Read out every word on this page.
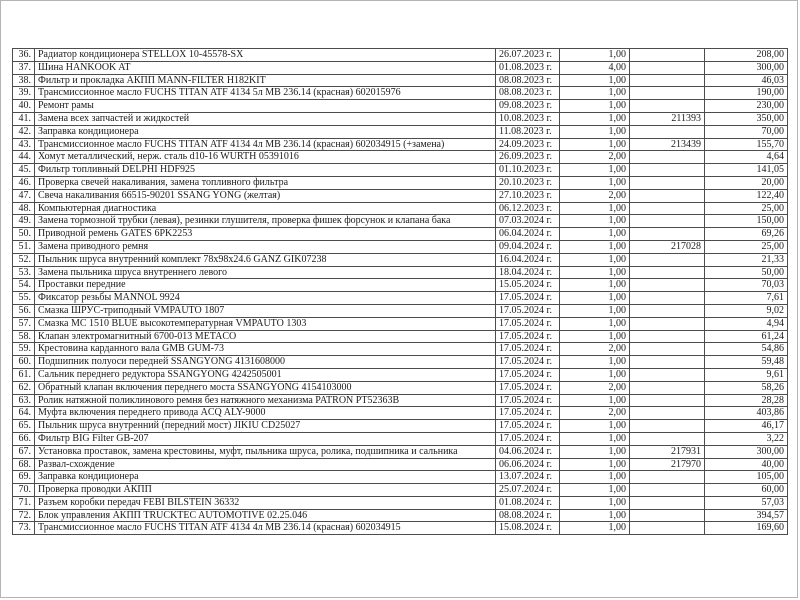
36.	Радиатор кондиционера STELLOX 10-45578-SX	26.07.2023 г.	1,00		208,00
37.	Шина HANKOOK AT	01.08.2023 г.	4,00		300,00
38.	Фильтр и прокладка АКПП MANN-FILTER H182KIT	08.08.2023 г.	1,00		46,03
39.	Трансмиссионное масло FUCHS TITAN ATF 4134 5л MB 236.14 (красная) 602015976	08.08.2023 г.	1,00		190,00
40.	Ремонт рамы	09.08.2023 г.	1,00		230,00
41.	Замена всех запчастей и жидкостей	10.08.2023 г.	1,00	211393	350,00
42.	Заправка кондиционера	11.08.2023 г.	1,00		70,00
43.	Трансмиссионное масло FUCHS TITAN ATF 4134 4л MB 236.14 (красная) 602034915 (+замена)	24.09.2023 г.	1,00	213439	155,70
44.	Хомут металлический, нерж. сталь d10-16 WURTH 05391016	26.09.2023 г.	2,00		4,64
45.	Фильтр топливный DELPHI HDF925	01.10.2023 г.	1,00		141,05
46.	Проверка свечей накаливания, замена топливного фильтра	20.10.2023 г.	1,00		20,00
47.	Свеча накаливания 66515-90201 SSANG YONG (желтая)	27.10.2023 г.	2,00		122,40
48.	Компьютерная диагностика	06.12.2023 г.	1,00		25,00
49.	Замена тормозной трубки (левая), резинки глушителя, проверка фишек форсунок и клапана бака	07.03.2024 г.	1,00		150,00
50.	Приводной ремень GATES 6PK2253	06.04.2024 г.	1,00		69,26
51.	Замена приводного ремня	09.04.2024 г.	1,00	217028	25,00
52.	Пыльник шруса внутренний комплект 78х98х24.6 GANZ GIK07238	16.04.2024 г.	1,00		21,33
53.	Замена пыльника шруса внутреннего левого	18.04.2024 г.	1,00		50,00
54.	Проставки передние	15.05.2024 г.	1,00		70,03
55.	Фиксатор резьбы MANNOL 9924	17.05.2024 г.	1,00		7,61
56.	Смазка ШРУС-триподный VMPAUTO 1807	17.05.2024 г.	1,00		9,02
57.	Смазка МС 1510 BLUE высокотемпературная VMPAUTO 1303	17.05.2024 г.	1,00		4,94
58.	Клапан электромагнитный 6700-013 METACO	17.05.2024 г.	1,00		61,24
59.	Крестовина карданного вала GMB GUM-73	17.05.2024 г.	2,00		54,86
60.	Подшипник полуоси передней SSANGYONG 4131608000	17.05.2024 г.	1,00		59,48
61.	Сальник переднего редуктора SSANGYONG 4242505001	17.05.2024 г.	1,00		9,61
62.	Обратный клапан включения переднего моста SSANGYONG 4154103000	17.05.2024 г.	2,00		58,26
63.	Ролик натяжной поликлинового ремня без натяжного механизма PATRON PT52363B	17.05.2024 г.	1,00		28,28
64.	Муфта включения переднего привода ACQ ALY-9000	17.05.2024 г.	2,00		403,86
65.	Пыльник шруса внутренний (передний мост) JIKIU CD25027	17.05.2024 г.	1,00		46,17
66.	Фильтр BIG Filter GB-207	17.05.2024 г.	1,00		3,22
67.	Установка проставок, замена крестовины, муфт, пыльника шруса, ролика, подшипника и сальника	04.06.2024 г.	1,00	217931	300,00
68.	Развал-схождение	06.06.2024 г.	1,00	217970	40,00
69.	Заправка кондиционера	13.07.2024 г.	1,00		105,00
70.	Проверка проводки АКПП	25.07.2024 г.	1,00		60,00
71.	Разъем коробки передач FEBI BILSTEIN 36332	01.08.2024 г.	1,00		57,03
72.	Блок управления АКПП TRUCKTEC AUTOMOTIVE 02.25.046	08.08.2024 г.	1,00		394,57
73.	Трансмиссионное масло FUCHS TITAN ATF 4134 4л MB 236.14 (красная) 602034915	15.08.2024 г.	1,00		169,60
